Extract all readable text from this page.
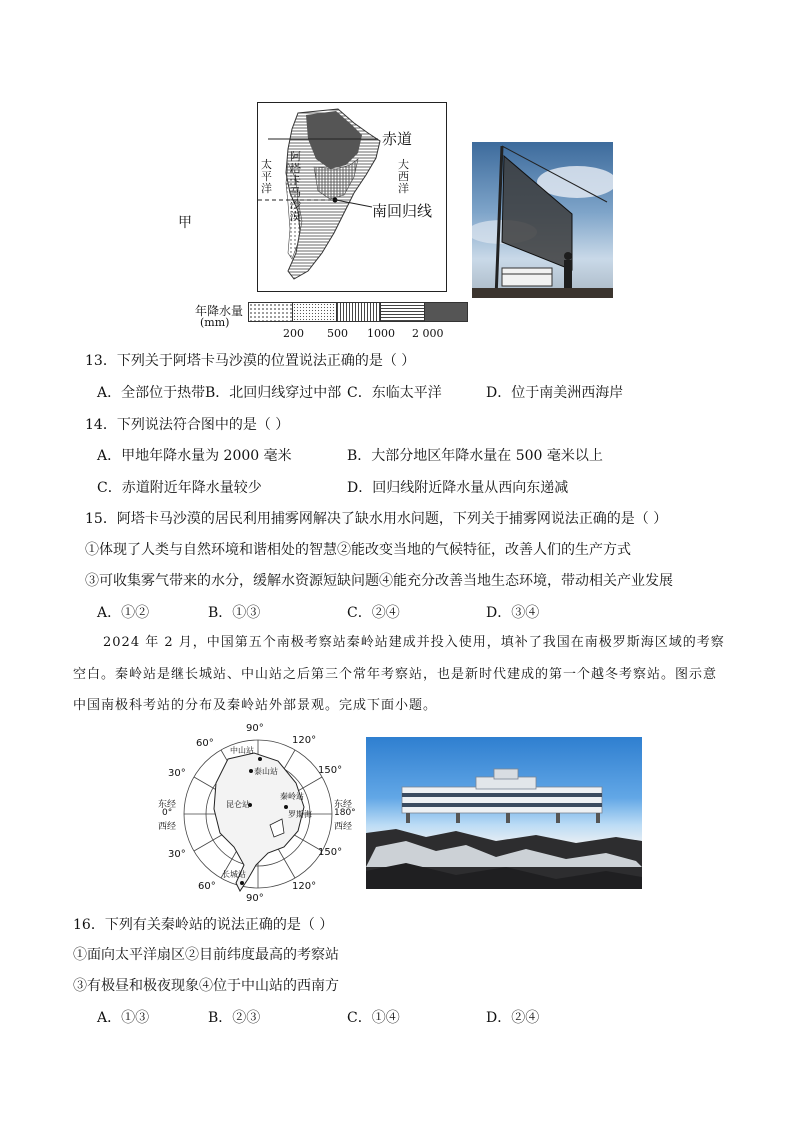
太平洋
阿塔卡马沙漠
大西洋
赤道
南回归线
甲
年降水量
(mm)
200 500 1000 2 000
13．下列关于阿塔卡马沙漠的位置说法正确的是（ ）
A．全部位于热带 B．北回归线穿过中部 C．东临太平洋	D．位于南美洲西海岸
14．下列说法符合图中的是（ ）
A．甲地年降水量为 2000 毫米	B．大部分地区年降水量在 500 毫米以上
C．赤道附近年降水量较少	D．回归线附近降水量从西向东递减
15．阿塔卡马沙漠的居民利用捕雾网解决了缺水用水问题，下列关于捕雾网说法正确的是（ ）
①体现了人类与自然环境和谐相处的智慧②能改变当地的气候特征，改善人们的生产方式
③可收集雾气带来的水分，缓解水资源短缺问题④能充分改善当地生态环境，带动相关产业发展
A．①②	B．①③	C．②④	D．③④
2024 年 2 月，中国第五个南极考察站秦岭站建成并投入使用，填补了我国在南极罗斯海区域的考察
空白。秦岭站是继长城站、中山站之后第三个常年考察站，也是新时代建成的第一个越冬考察站。图示意
中国南极科考站的分布及秦岭站外部景观。完成下面小题。
90°
60°	120°
30°	150°
东经
0°
西经
东经
180°
西经
30°	150°
60°	120°
90°
中山站
泰山站
昆仑站
秦岭站
罗斯海
长城站
16．下列有关秦岭站的说法正确的是（ ）
①面向太平洋扇区②目前纬度最高的考察站
③有极昼和极夜现象④位于中山站的西南方
A．①③	B．②③	C．①④	D．②④
